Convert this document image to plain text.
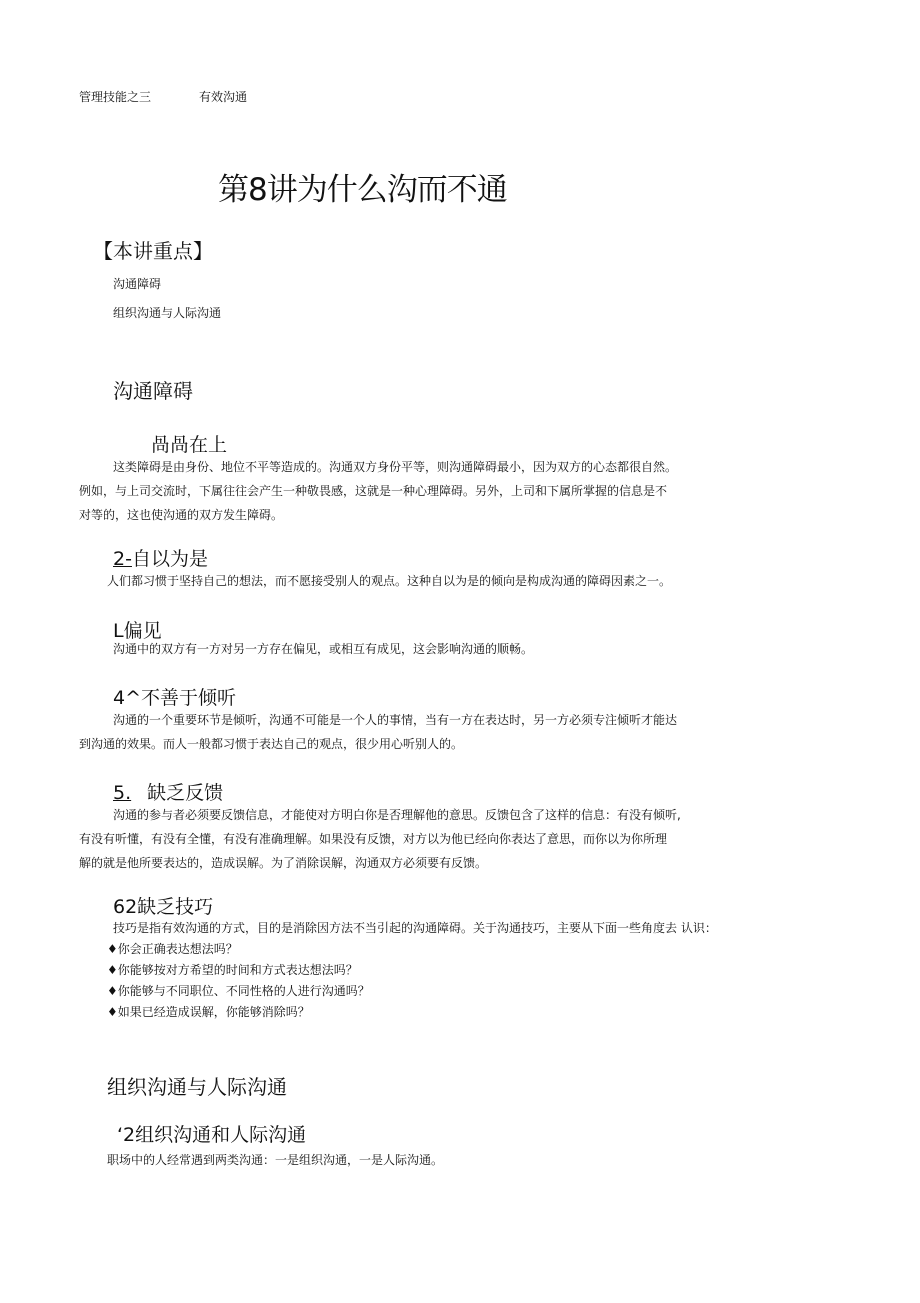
管理技能之三	有效沟通
第8讲为什么沟而不通
【本讲重点】
沟通障碍
组织沟通与人际沟通
沟通障碍
咼咼在上
这类障碍是由身份、地位不平等造成的。沟通双方身份平等，则沟通障碍最小，因为双方的心态都很自然。
例如，与上司交流时，下属往往会产生一种敬畏感，这就是一种心理障碍。另外，上司和下属所掌握的信息是不
对等的，这也使沟通的双方发生障碍。
2-自以为是
人们都习惯于坚持自己的想法，而不愿接受别人的观点。这种自以为是的倾向是构成沟通的障碍因素之一。
L偏见
沟通中的双方有一方对另一方存在偏见，或相互有成见，这会影响沟通的顺畅。
4^不善于倾听
沟通的一个重要环节是倾听，沟通不可能是一个人的事情，当有一方在表达时，另一方必须专注倾听才能达
到沟通的效果。而人一般都习惯于表达自己的观点，很少用心听别人的。
5. 缺乏反馈
沟通的参与者必须要反馈信息，才能使对方明白你是否理解他的意思。反馈包含了这样的信息：有没有倾听,
有没有听懂，有没有全懂，有没有准确理解。如果没有反馈，对方以为他已经向你表达了意思，而你以为你所理
解的就是他所要表达的，造成误解。为了消除误解，沟通双方必须要有反馈。
62缺乏技巧
技巧是指有效沟通的方式，目的是消除因方法不当引起的沟通障碍。关于沟通技巧，主要从下面一些角度去 认识：
♦你会正确表达想法吗？
♦你能够按对方希望的时间和方式表达想法吗？
♦你能够与不同职位、不同性格的人进行沟通吗？
♦如果已经造成误解，你能够消除吗？
组织沟通与人际沟通
‘2组织沟通和人际沟通
职场中的人经常遇到两类沟通：一是组织沟通，一是人际沟通。
